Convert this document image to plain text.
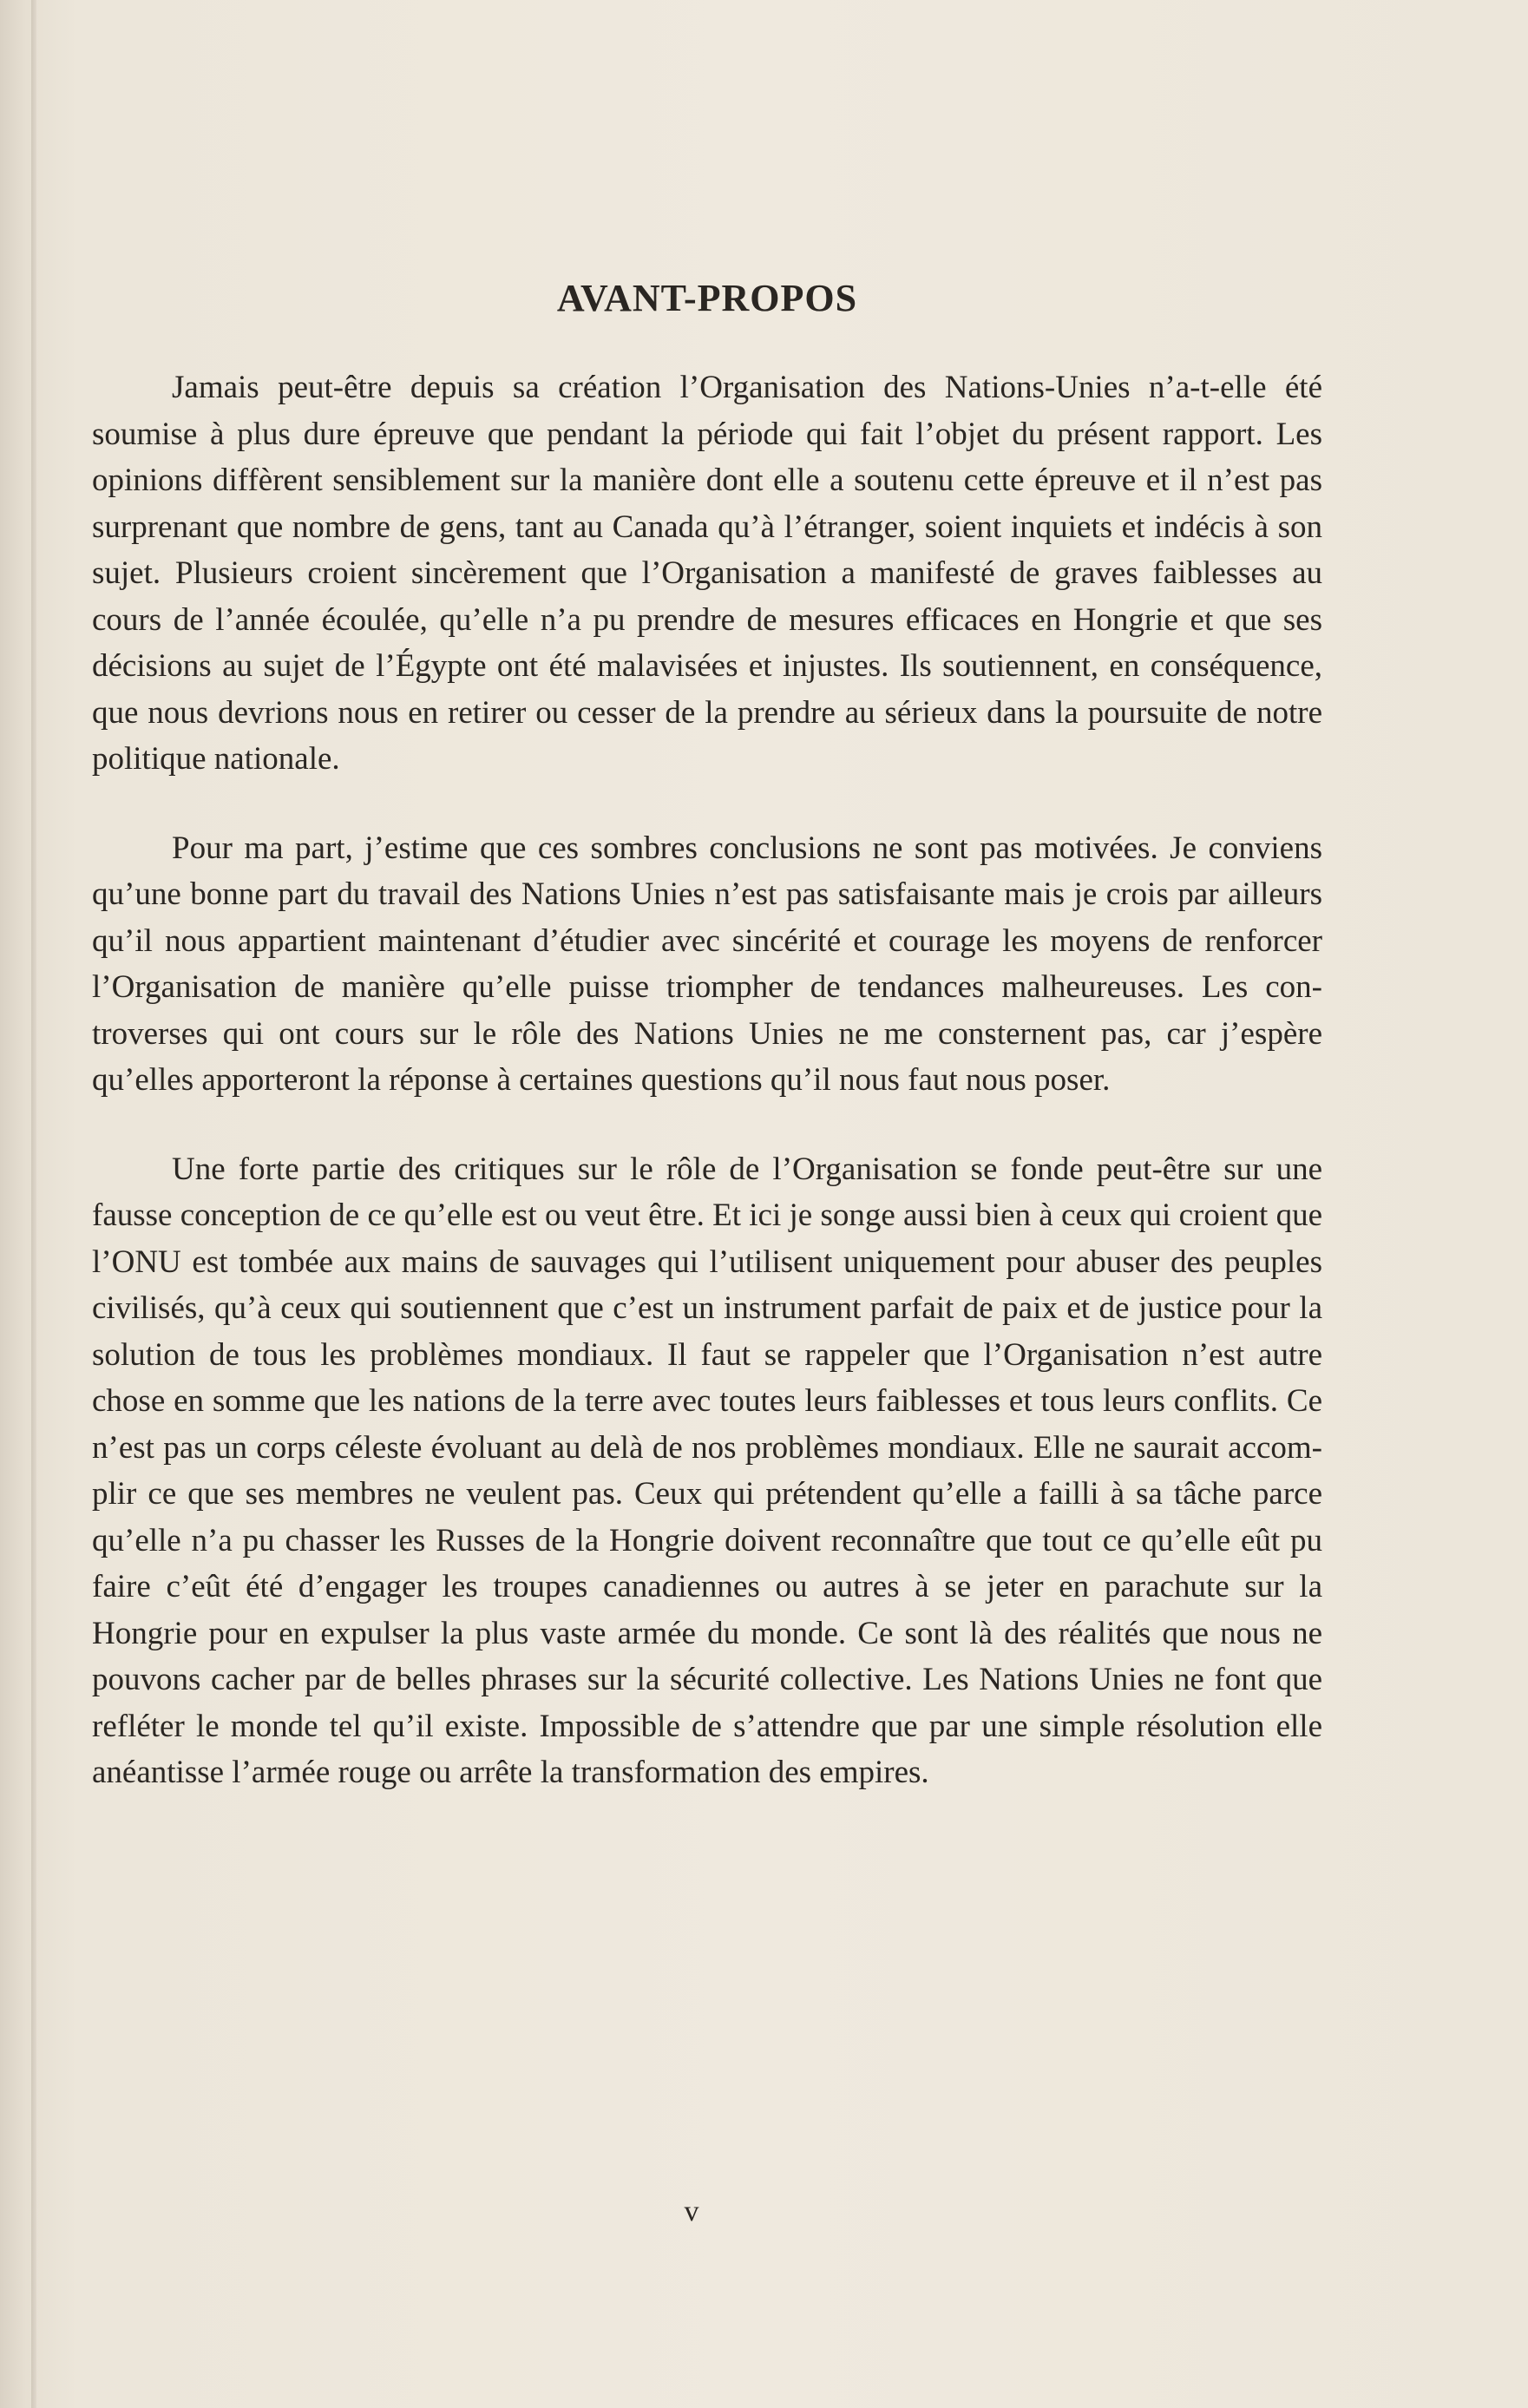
AVANT-PROPOS

Jamais peut-être depuis sa création l’Organisation des Nations-Unies n’a-t-elle été soumise à plus dure épreuve que pendant la période qui fait l’objet du présent rapport. Les opinions diffèrent sensiblement sur la manière dont elle a soutenu cette épreuve et il n’est pas surprenant que nombre de gens, tant au Canada qu’à l’étranger, soient inquiets et indécis à son sujet. Plusieurs croient sincèrement que l’Organisation a manifesté de graves faiblesses au cours de l’année écoulée, qu’elle n’a pu prendre de mesures efficaces en Hongrie et que ses décisions au sujet de l’Égypte ont été malavisées et injustes. Ils soutiennent, en conséquence, que nous devrions nous en retirer ou cesser de la prendre au sérieux dans la poursuite de notre politique nationale.

Pour ma part, j’estime que ces sombres conclusions ne sont pas motivées. Je conviens qu’une bonne part du travail des Nations Unies n’est pas satisfaisante mais je crois par ailleurs qu’il nous appartient maintenant d’étudier avec sincérité et courage les moyens de renforcer l’Organisation de manière qu’elle puisse triompher de tendances malheureuses. Les controverses qui ont cours sur le rôle des Nations Unies ne me consternent pas, car j’espère qu’elles apporteront la réponse à certaines questions qu’il nous faut nous poser.

Une forte partie des critiques sur le rôle de l’Organisation se fonde peut-être sur une fausse conception de ce qu’elle est ou veut être. Et ici je songe aussi bien à ceux qui croient que l’ONU est tombée aux mains de sauvages qui l’utilisent uniquement pour abuser des peuples civilisés, qu’à ceux qui soutiennent que c’est un instrument parfait de paix et de justice pour la solution de tous les problèmes mondiaux. Il faut se rappeler que l’Organisation n’est autre chose en somme que les nations de la terre avec toutes leurs faiblesses et tous leurs conflits. Ce n’est pas un corps céleste évoluant au delà de nos problèmes mondiaux. Elle ne saurait accomplir ce que ses membres ne veulent pas. Ceux qui prétendent qu’elle a failli à sa tâche parce qu’elle n’a pu chasser les Russes de la Hongrie doivent reconnaître que tout ce qu’elle eût pu faire c’eût été d’engager les troupes canadiennes ou autres à se jeter en parachute sur la Hongrie pour en expulser la plus vaste armée du monde. Ce sont là des réalités que nous ne pouvons cacher par de belles phrases sur la sécurité collective. Les Nations Unies ne font que refléter le monde tel qu’il existe. Impossible de s’attendre que par une simple résolution elle anéantisse l’armée rouge ou arrête la transformation des empires.

v
